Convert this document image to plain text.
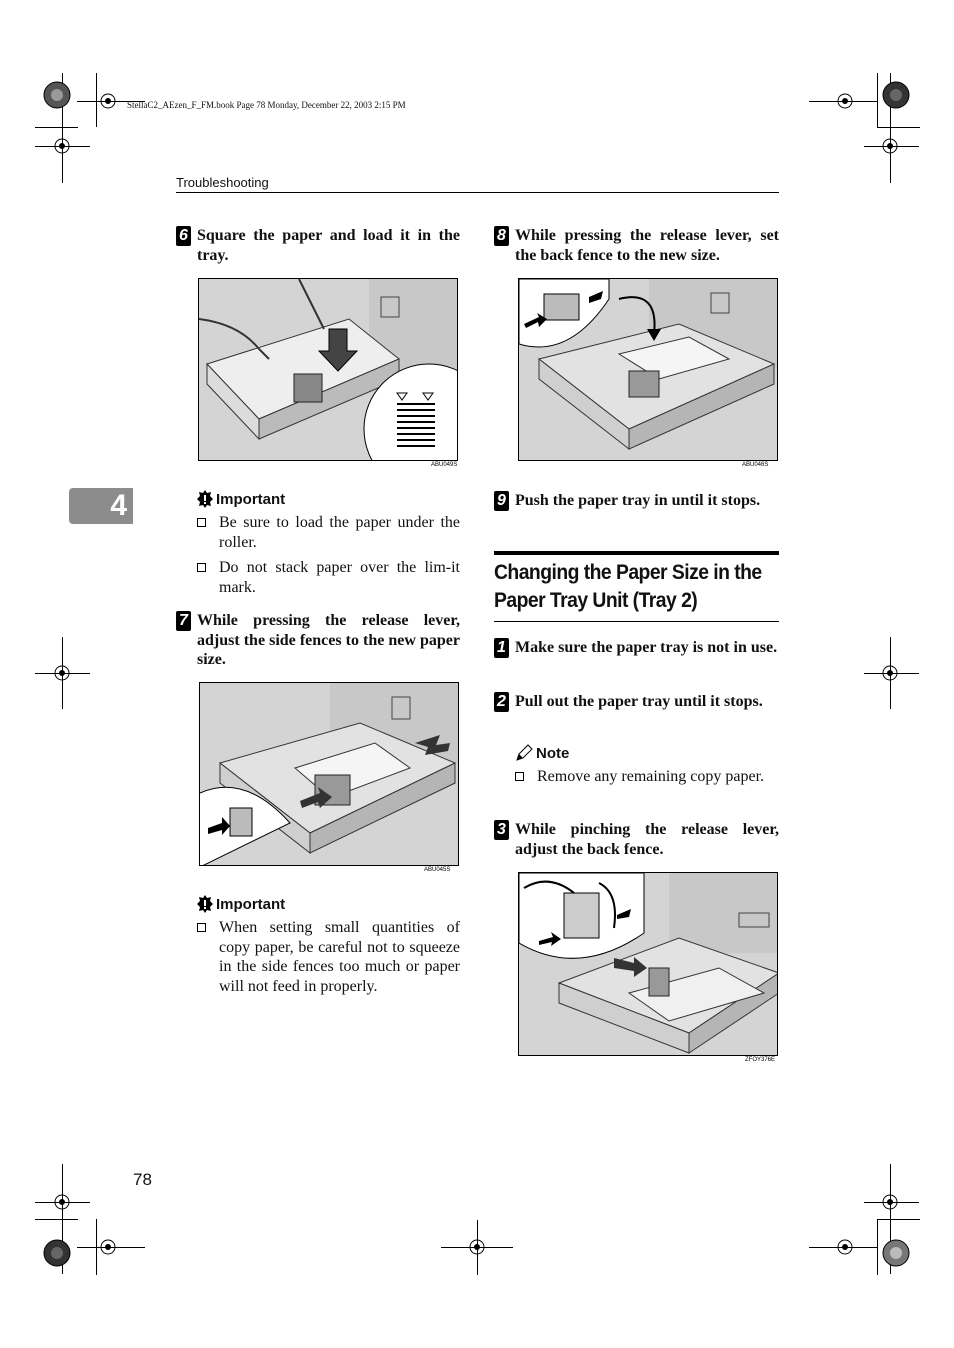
StellaC2_AEzen_F_FM.book Page 78 Monday, December 22, 2003 2:15 PM
Troubleshooting
4
6 Square the paper and load it in the tray.
ABU049S
Important
Be sure to load the paper under the roller.
Do not stack paper over the lim-it mark.
7 While pressing the release lever, adjust the side fences to the new paper size.
ABU045S
Important
When setting small quantities of copy paper, be careful not to squeeze in the side fences too much or paper will not feed in properly.
8 While pressing the release lever, set the back fence to the new size.
ABU046S
9 Push the paper tray in until it stops.
Changing the Paper Size in the
Paper Tray Unit (Tray 2)
1 Make sure the paper tray is not in use.
2 Pull out the paper tray until it stops.
Note
Remove any remaining copy paper.
3 While pinching the release lever, adjust the back fence.
ZFOY376E
78
